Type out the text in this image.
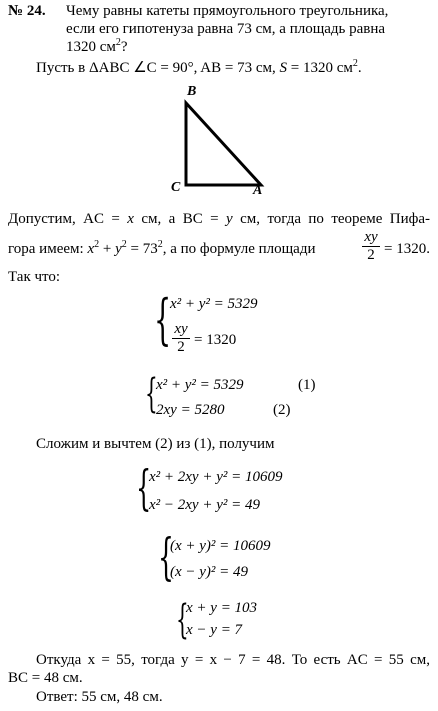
№ 24. Чему равны катеты прямоугольного треугольника,
если его гипотенуза равна 73 см, а площадь равна
1320 $см^2$?
Пусть в ΔABC ∠C = 90°, AB = 73 см, S = 1320 $см^2$.
B
C	A
Допустим, AC = x см, а BC = y см, тогда по теореме Пифа-
гора имеем: $x^2 + y^2 = 73^2$, а по формуле площади
xy
2 = 1320.
Так что:
{
x² + y² = 5329
xy
2 = 1320
{
x² + y² = 5329	(1)
2xy = 5280	(2)
Сложим и вычтем (2) из (1), получим
{
x² + 2xy + y² = 10609
x² − 2xy + y² = 49
{
(x + y)² = 10609
(x − y)² = 49
{
x + y = 103
x − y = 7
Откуда x = 55, тогда y = x − 7 = 48. То есть AC = 55 см,
BC = 48 см.
Ответ: 55 см, 48 см.
